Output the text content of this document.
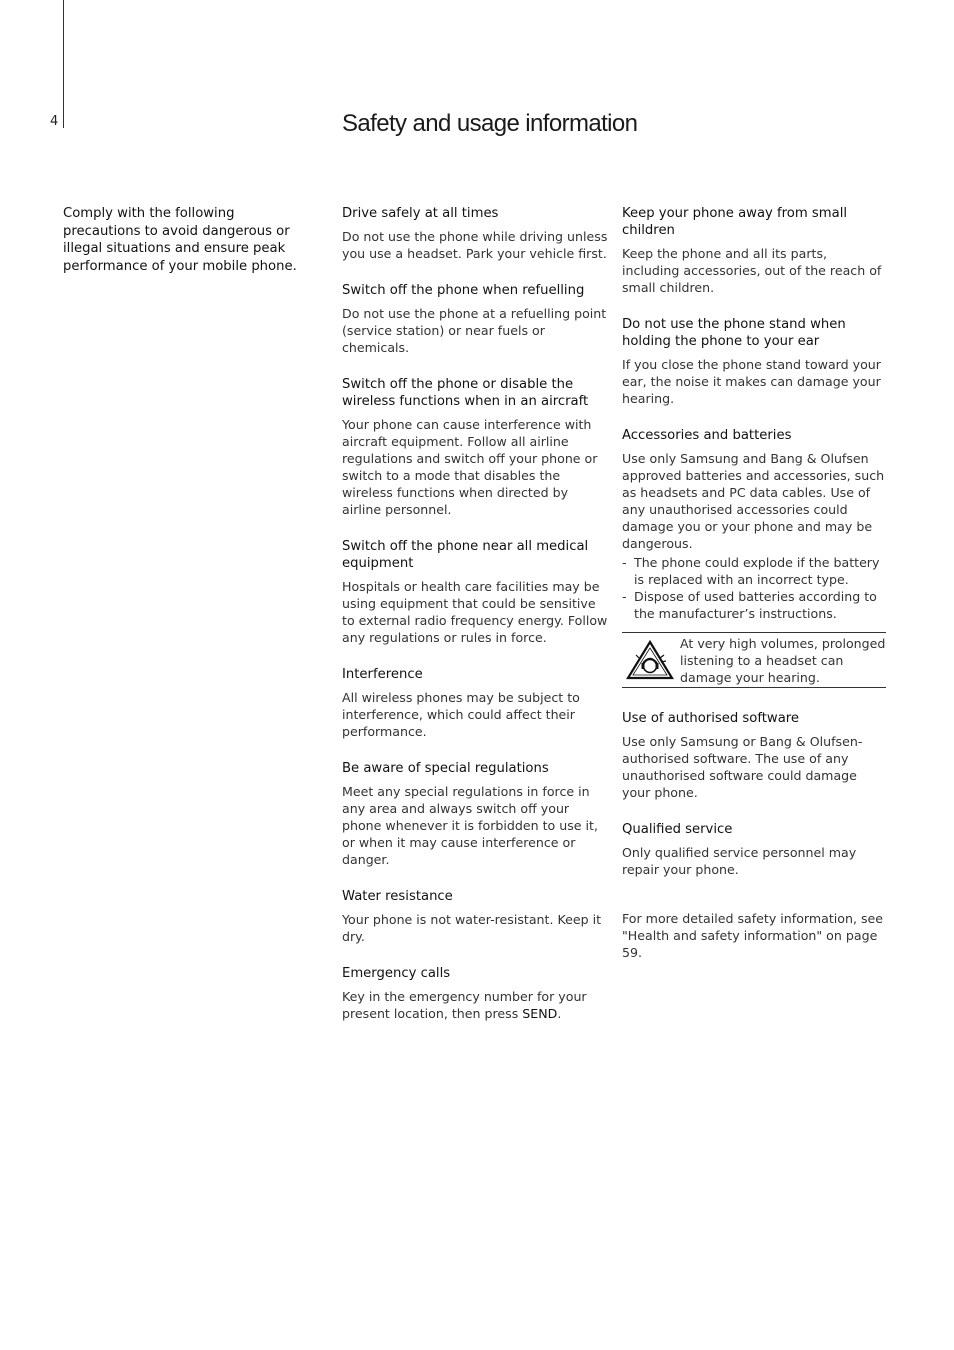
4	Safety and usage information

Comply with the following precautions to avoid dangerous or illegal situations and ensure peak performance of your mobile phone.

Drive safely at all times

Do not use the phone while driving unless you use a headset. Park your vehicle first.

Switch off the phone when refuelling

Do not use the phone at a refuelling point (service station) or near fuels or chemicals.

Switch off the phone or disable the wireless functions when in an aircraft

Your phone can cause interference with aircraft equipment. Follow all airline regulations and switch off your phone or switch to a mode that disables the wireless functions when directed by airline personnel.

Switch off the phone near all medical equipment

Hospitals or health care facilities may be using equipment that could be sensitive to external radio frequency energy. Follow any regulations or rules in force.

Interference

All wireless phones may be subject to interference, which could affect their performance.

Be aware of special regulations

Meet any special regulations in force in any area and always switch off your phone whenever it is forbidden to use it, or when it may cause interference or danger.

Water resistance

Your phone is not water-resistant. Keep it dry.

Emergency calls

Key in the emergency number for your present location, then press SEND.

Keep your phone away from small children

Keep the phone and all its parts, including accessories, out of the reach of small children.

Do not use the phone stand when holding the phone to your ear

If you close the phone stand toward your ear, the noise it makes can damage your hearing.

Accessories and batteries

Use only Samsung and Bang & Olufsen approved batteries and accessories, such as headsets and PC data cables. Use of any unauthorised accessories could damage you or your phone and may be dangerous.

- The phone could explode if the battery is replaced with an incorrect type.
- Dispose of used batteries according to the manufacturer’s instructions.
At very high volumes, prolonged listening to a headset can damage your hearing.
Use of authorised software

Use only Samsung or Bang & Olufsen-authorised software. The use of any unauthorised software could damage your phone.

Qualified service

Only qualified service personnel may repair your phone.

For more detailed safety information, see "Health and safety information" on page 59.
